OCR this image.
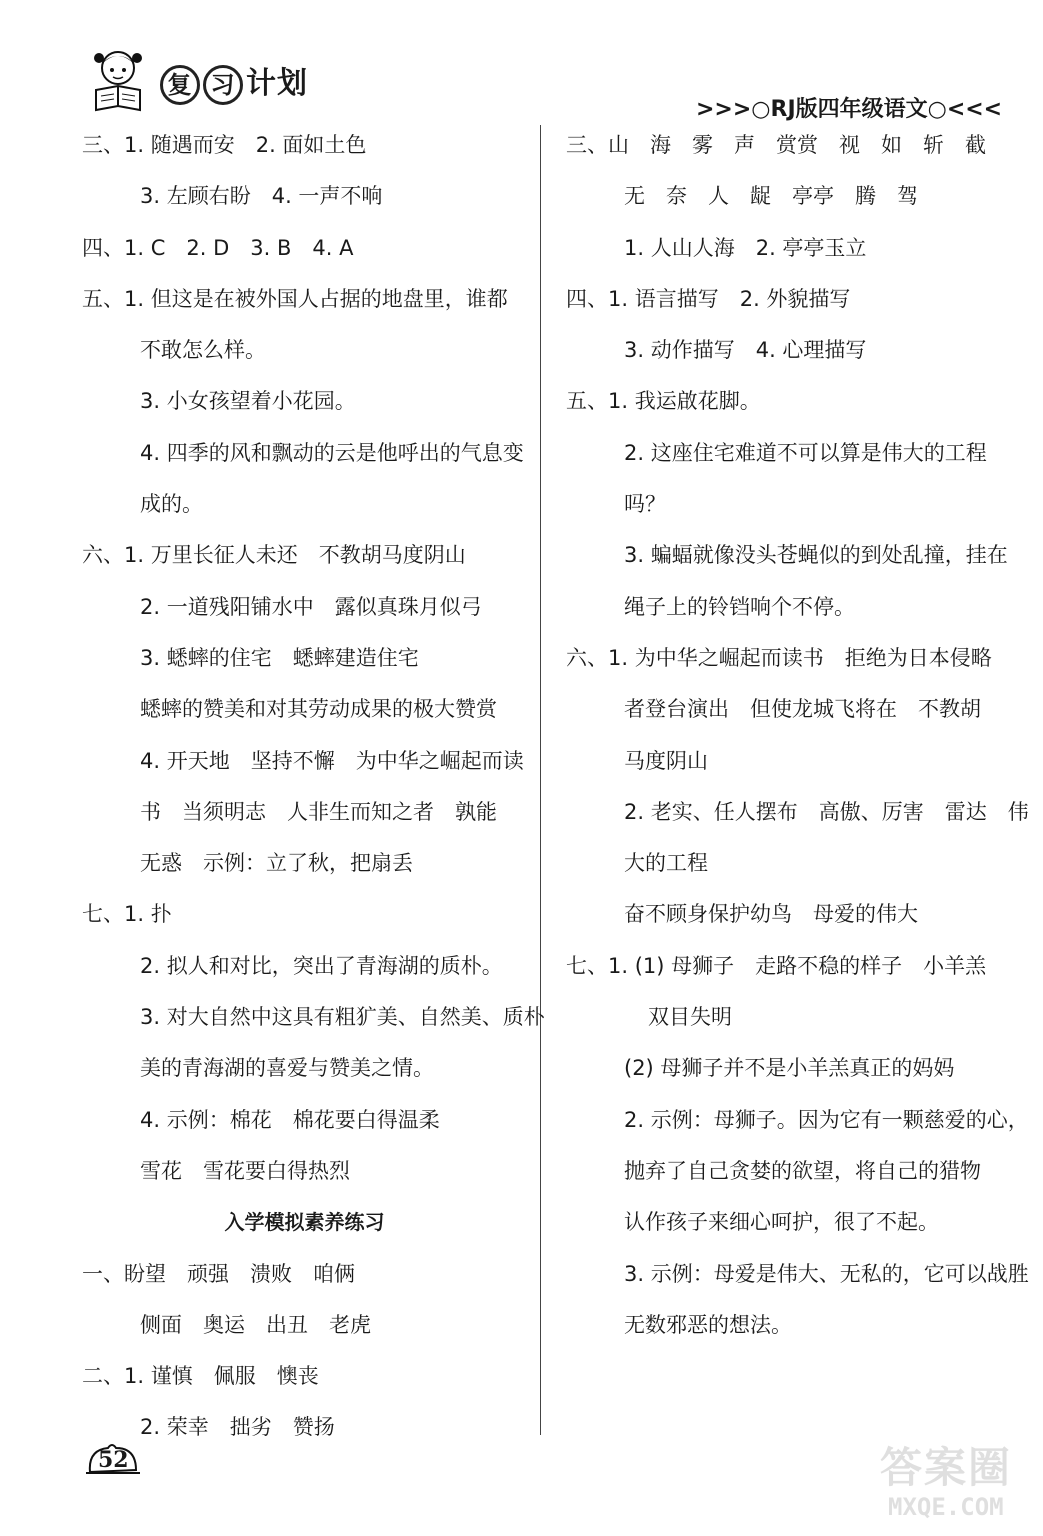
复 习 计划
>>>○RJ版四年级语文○<<<
三、1. 随遇而安　2. 面如土色
3. 左顾右盼　4. 一声不响
四、1. C　2. D　3. B　4. A
五、1. 但这是在被外国人占据的地盘里，谁都
不敢怎么样。
3. 小女孩望着小花园。
4. 四季的风和飘动的云是他呼出的气息变
成的。
六、1. 万里长征人未还　不教胡马度阴山
2. 一道残阳铺水中　露似真珠月似弓
3. 蟋蟀的住宅　蟋蟀建造住宅
蟋蟀的赞美和对其劳动成果的极大赞赏
4. 开天地　坚持不懈　为中华之崛起而读
书　当须明志　人非生而知之者　孰能
无惑　示例：立了秋，把扇丢
七、1. 扑
2. 拟人和对比，突出了青海湖的质朴。
3. 对大自然中这具有粗犷美、自然美、质朴
美的青海湖的喜爱与赞美之情。
4. 示例：棉花　棉花要白得温柔
雪花　雪花要白得热烈
入学模拟素养练习
一、盼望　顽强　溃败　咱俩
侧面　奥运　出丑　老虎
二、1. 谨慎　佩服　懊丧
2. 荣幸　拙劣　赞扬
三、山　海　雾　声　赏赏　视　如　斩　截
无　奈　人　龊　亭亭　腾　驾
1. 人山人海　2. 亭亭玉立
四、1. 语言描写　2. 外貌描写
3. 动作描写　4. 心理描写
五、1. 我运啟花脚。
2. 这座住宅难道不可以算是伟大的工程
吗？
3. 蝙蝠就像没头苍蝇似的到处乱撞，挂在
绳子上的铃铛响个不停。
六、1. 为中华之崛起而读书　拒绝为日本侵略
者登台演出　但使龙城飞将在　不教胡
马度阴山
2. 老实、任人摆布　高傲、厉害　雷达　伟
大的工程
奋不顾身保护幼鸟　母爱的伟大
七、1. (1) 母狮子　走路不稳的样子　小羊羔
双目失明
(2) 母狮子并不是小羊羔真正的妈妈
2. 示例：母狮子。因为它有一颗慈爱的心，
抛弃了自己贪婪的欲望，将自己的猎物
认作孩子来细心呵护，很了不起。
3. 示例：母爱是伟大、无私的，它可以战胜
无数邪恶的想法。
52	答案圈
MXQE.COM
